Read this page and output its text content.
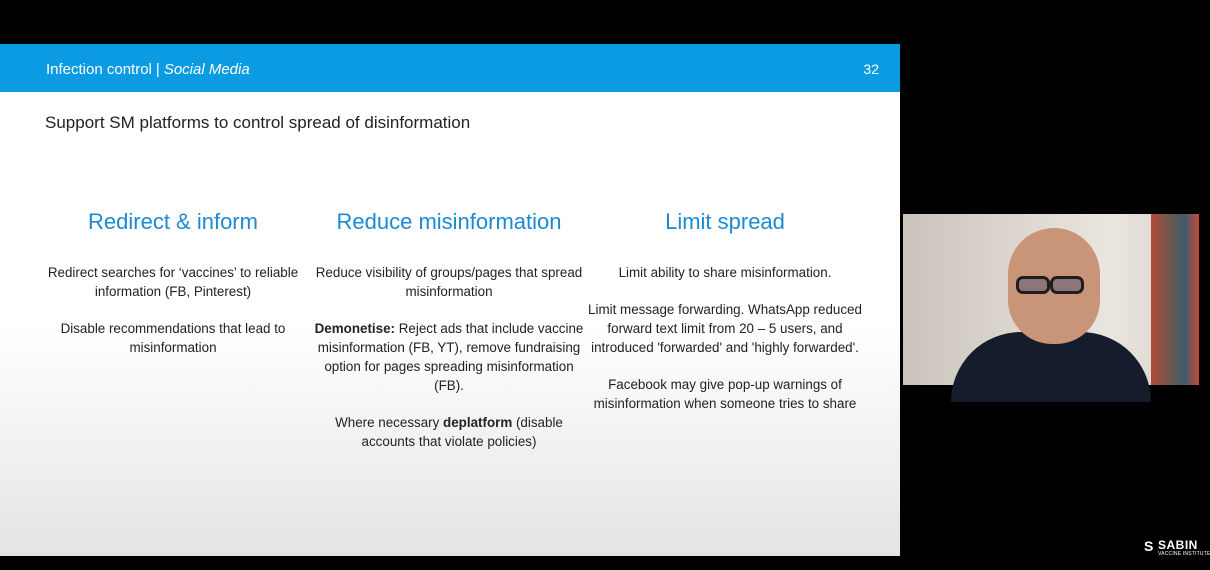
Infection control | Social Media	32
Support SM platforms to control spread of disinformation
Redirect & inform

Redirect searches for ‘vaccines’ to reliable information (FB, Pinterest)

Disable recommendations that lead to misinformation

Reduce misinformation

Reduce visibility of groups/pages that spread misinformation

Demonetise: Reject ads that include vaccine misinformation (FB, YT), remove fundraising option for pages spreading misinformation (FB).

Where necessary deplatform (disable accounts that violate policies)

Limit spread

Limit ability to share misinformation.

Limit message forwarding. WhatsApp reduced forward text limit from 20 – 5 users, and introduced 'forwarded' and 'highly forwarded'.

Facebook may give pop-up warnings of misinformation when someone tries to share

S SABIN
VACCINE INSTITUTE
